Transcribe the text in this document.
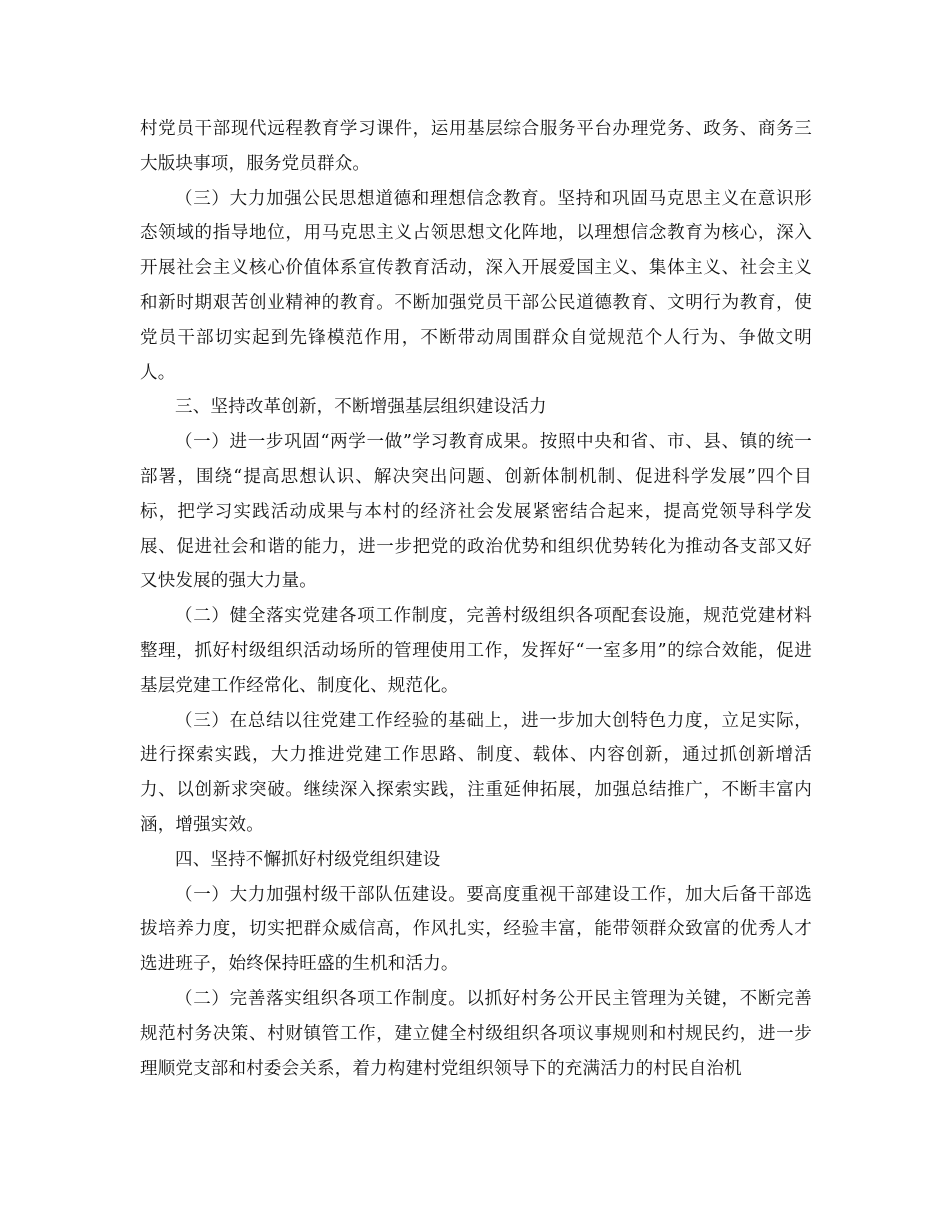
村党员干部现代远程教育学习课件，运用基层综合服务平台办理党务、政务、商务三大版块事项，服务党员群众。

（三）大力加强公民思想道德和理想信念教育。坚持和巩固马克思主义在意识形态领域的指导地位，用马克思主义占领思想文化阵地，以理想信念教育为核心，深入开展社会主义核心价值体系宣传教育活动，深入开展爱国主义、集体主义、社会主义和新时期艰苦创业精神的教育。不断加强党员干部公民道德教育、文明行为教育，使党员干部切实起到先锋模范作用，不断带动周围群众自觉规范个人行为、争做文明人。

三、坚持改革创新，不断增强基层组织建设活力

（一）进一步巩固“两学一做”学习教育成果。按照中央和省、市、县、镇的统一部署，围绕“提高思想认识、解决突出问题、创新体制机制、促进科学发展”四个目标，把学习实践活动成果与本村的经济社会发展紧密结合起来，提高党领导科学发展、促进社会和谐的能力，进一步把党的政治优势和组织优势转化为推动各支部又好又快发展的强大力量。

（二）健全落实党建各项工作制度，完善村级组织各项配套设施，规范党建材料整理，抓好村级组织活动场所的管理使用工作，发挥好“一室多用”的综合效能，促进基层党建工作经常化、制度化、规范化。

（三）在总结以往党建工作经验的基础上，进一步加大创特色力度，立足实际，进行探索实践，大力推进党建工作思路、制度、载体、内容创新，通过抓创新增活力、以创新求突破。继续深入探索实践，注重延伸拓展，加强总结推广，不断丰富内涵，增强实效。

四、坚持不懈抓好村级党组织建设

（一）大力加强村级干部队伍建设。要高度重视干部建设工作，加大后备干部选拔培养力度，切实把群众威信高，作风扎实，经验丰富，能带领群众致富的优秀人才选进班子，始终保持旺盛的生机和活力。

（二）完善落实组织各项工作制度。以抓好村务公开民主管理为关键，不断完善规范村务决策、村财镇管工作，建立健全村级组织各项议事规则和村规民约，进一步理顺党支部和村委会关系，着力构建村党组织领导下的充满活力的村民自治机
